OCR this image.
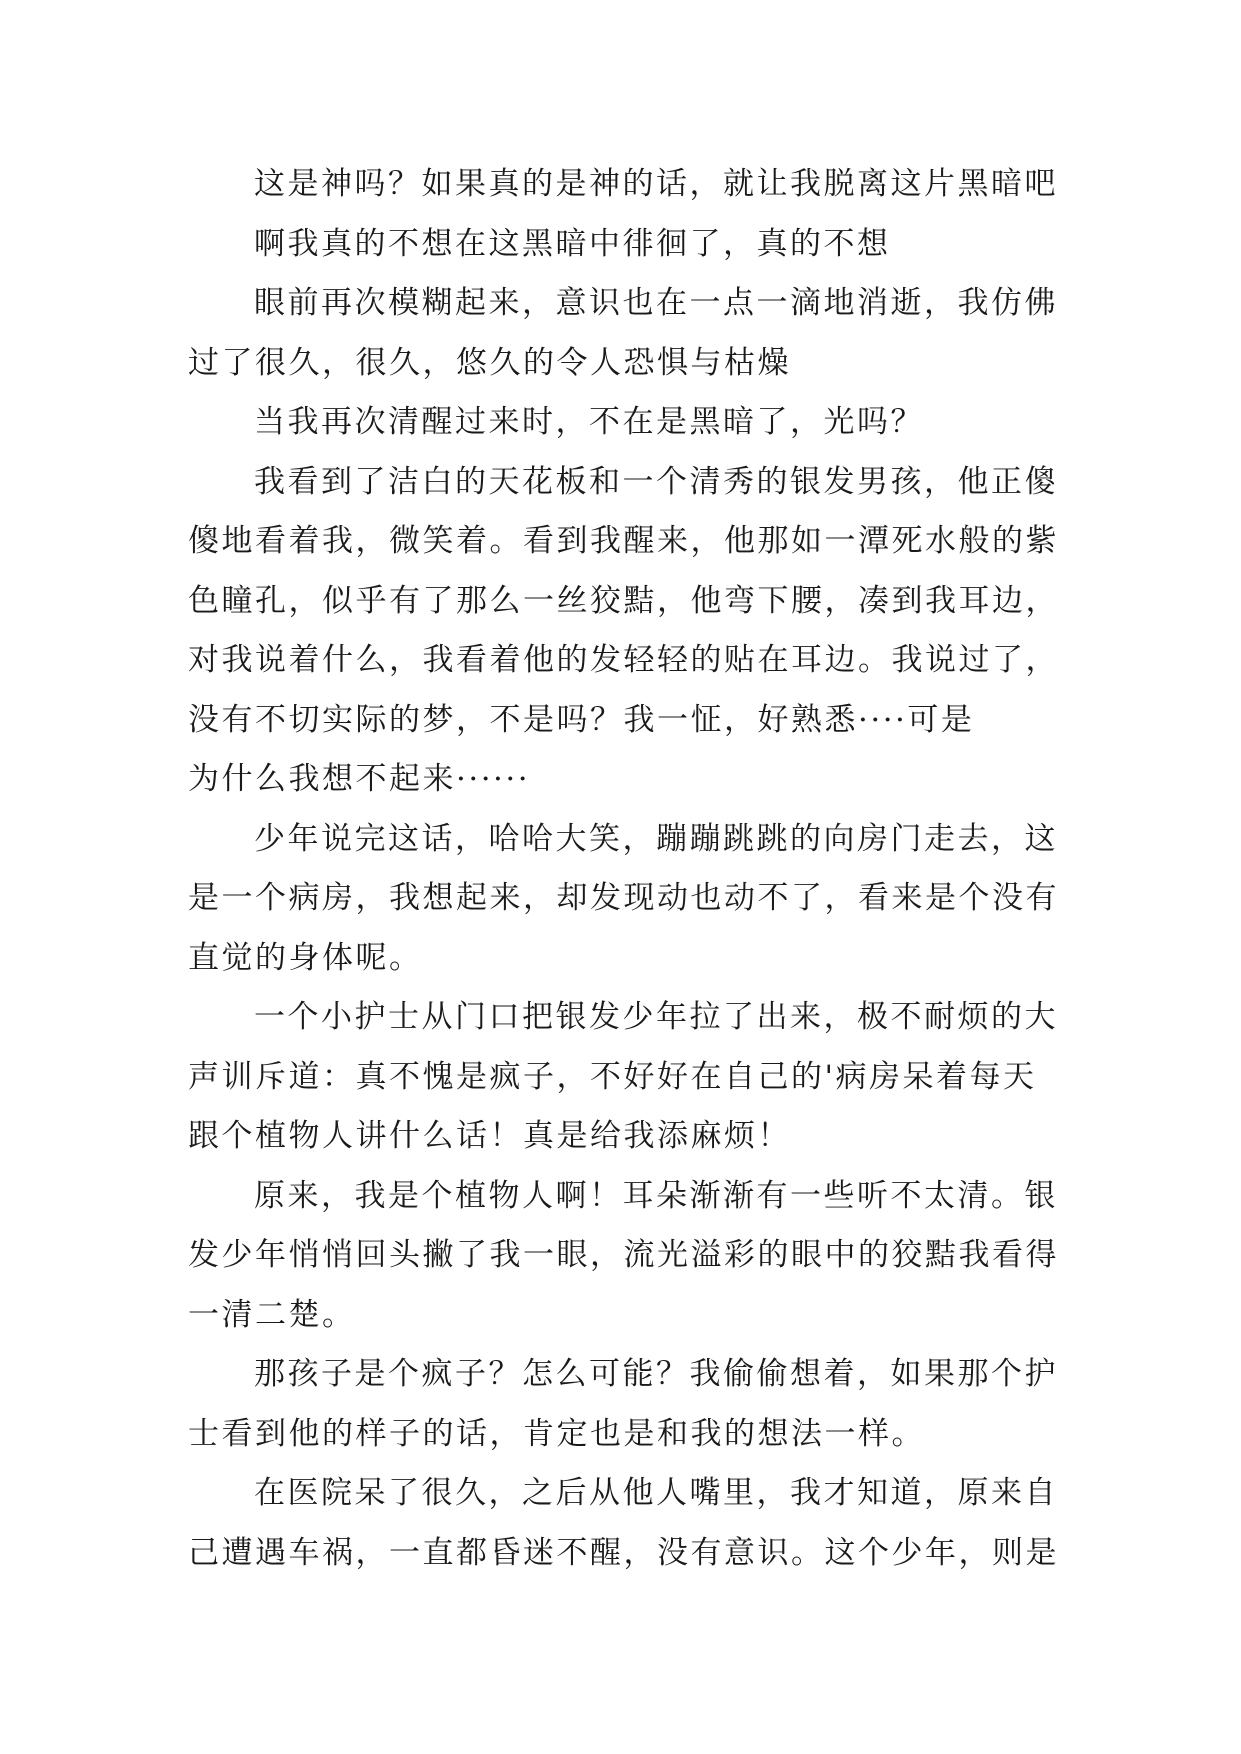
这是神吗？如果真的是神的话，就让我脱离这片黑暗吧
啊我真的不想在这黑暗中徘徊了，真的不想
眼前再次模糊起来，意识也在一点一滴地消逝，我仿佛
过了很久，很久，悠久的令人恐惧与枯燥
当我再次清醒过来时，不在是黑暗了，光吗？
我看到了洁白的天花板和一个清秀的银发男孩，他正傻
傻地看着我，微笑着。看到我醒来，他那如一潭死水般的紫
色瞳孔，似乎有了那么一丝狡黠，他弯下腰，凑到我耳边，
对我说着什么，我看着他的发轻轻的贴在耳边。我说过了，
没有不切实际的梦，不是吗？我一怔，好熟悉····可是
为什么我想不起来······
少年说完这话，哈哈大笑，蹦蹦跳跳的向房门走去，这
是一个病房，我想起来，却发现动也动不了，看来是个没有
直觉的身体呢。
一个小护士从门口把银发少年拉了出来，极不耐烦的大
声训斥道：真不愧是疯子，不好好在自己的'病房呆着每天
跟个植物人讲什么话！真是给我添麻烦！
原来，我是个植物人啊！耳朵渐渐有一些听不太清。银
发少年悄悄回头撇了我一眼，流光溢彩的眼中的狡黠我看得
一清二楚。
那孩子是个疯子？怎么可能？我偷偷想着，如果那个护
士看到他的样子的话，肯定也是和我的想法一样。
在医院呆了很久，之后从他人嘴里，我才知道，原来自
己遭遇车祸，一直都昏迷不醒，没有意识。这个少年，则是
